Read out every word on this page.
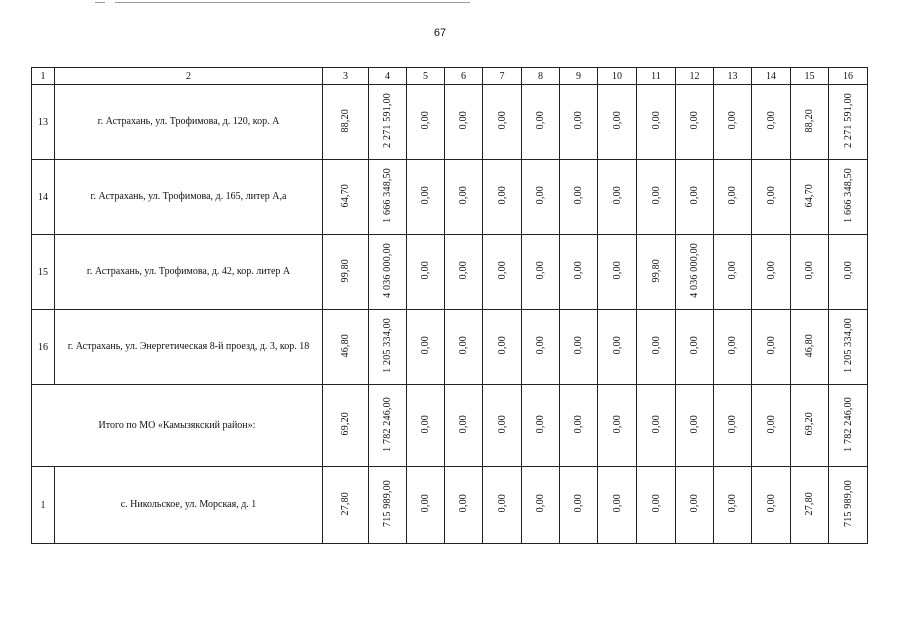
67
1	2	3	4	5	6	7	8	9	10	11	12	13	14	15	16
13	г. Астрахань, ул. Трофимова, д. 120, кор. А	88,20	2 271 591,00	0,00	0,00	0,00	0,00	0,00	0,00	0,00	0,00	0,00	0,00	88,20	2 271 591,00
14	г. Астрахань, ул. Трофимова, д. 165, литер А,а	64,70	1 666 348,50	0,00	0,00	0,00	0,00	0,00	0,00	0,00	0,00	0,00	0,00	64,70	1 666 348,50
15	г. Астрахань, ул. Трофимова, д. 42, кор. литер А	99,80	4 036 000,00	0,00	0,00	0,00	0,00	0,00	0,00	99,80	4 036 000,00	0,00	0,00	0,00	0,00
16	г. Астрахань, ул. Энергетическая 8-й проезд, д. 3, кор. 18	46,80	1 205 334,00	0,00	0,00	0,00	0,00	0,00	0,00	0,00	0,00	0,00	0,00	46,80	1 205 334,00
Итого по МО «Камызякский район»:		69,20	1 782 246,00	0,00	0,00	0,00	0,00	0,00	0,00	0,00	0,00	0,00	0,00	69,20	1 782 246,00
1	с. Никольское, ул. Морская, д. 1	27,80	715 989,00	0,00	0,00	0,00	0,00	0,00	0,00	0,00	0,00	0,00	0,00	27,80	715 989,00
